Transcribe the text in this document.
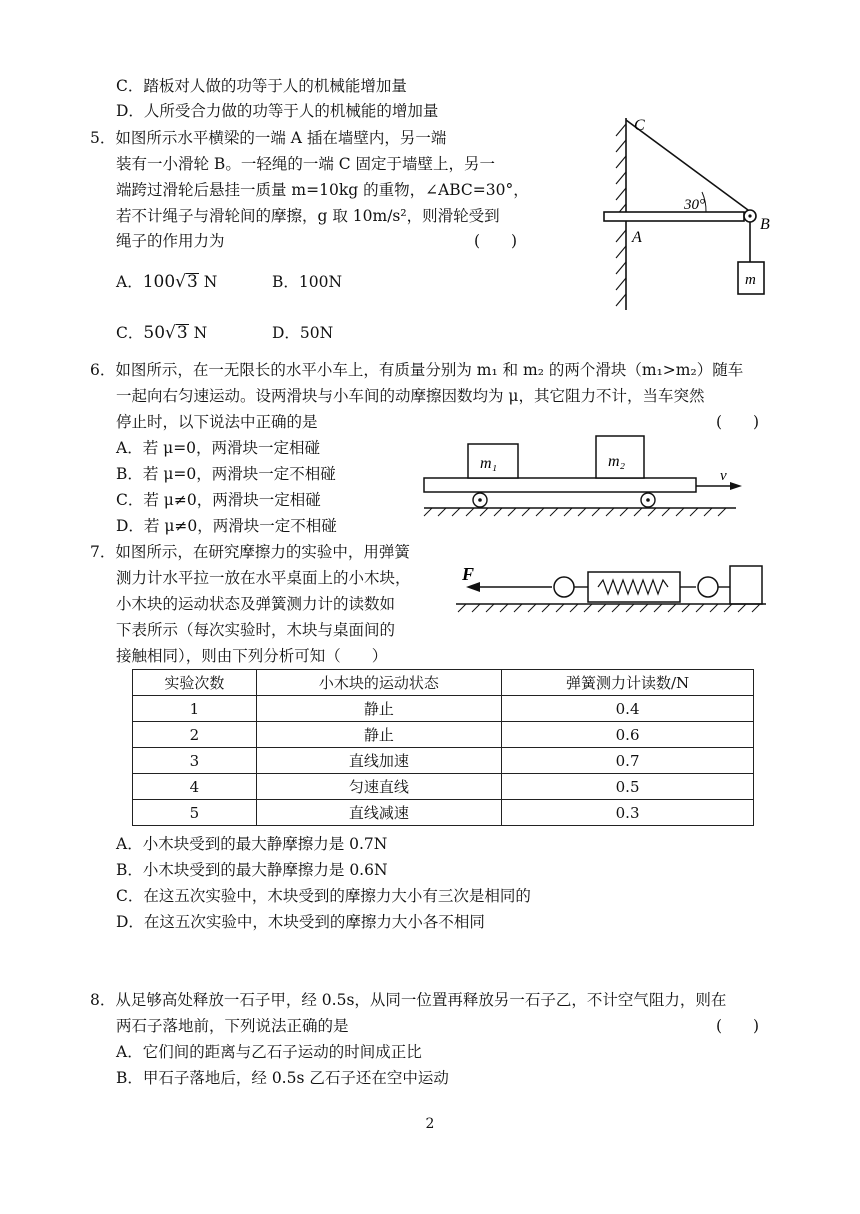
C．踏板对人做的功等于人的机械能增加量
D．人所受合力做的功等于人的机械能的增加量
5．如图所示水平横梁的一端 A 插在墙壁内，另一端
装有一小滑轮 B。一轻绳的一端 C 固定于墙壁上，另一
端跨过滑轮后悬挂一质量 m=10kg 的重物，∠ABC=30°，
若不计绳子与滑轮间的摩擦，g 取 10m/s²，则滑轮受到
绳子的作用力为	(　　)
A．100√3 N	B．100N
C．50√3 N	D．50N
C
30°
B
A
m
6．如图所示，在一无限长的水平小车上，有质量分别为 m₁ 和 m₂ 的两个滑块（m₁>m₂）随车
一起向右匀速运动。设两滑块与小车间的动摩擦因数均为 μ，其它阻力不计，当车突然
停止时，以下说法中正确的是	(　　)
A．若 μ=0，两滑块一定相碰
B．若 μ=0，两滑块一定不相碰
C．若 μ≠0，两滑块一定相碰
D．若 μ≠0，两滑块一定不相碰
m₁	m₂
v
7．如图所示，在研究摩擦力的实验中，用弹簧
测力计水平拉一放在水平桌面上的小木块，
小木块的运动状态及弹簧测力计的读数如
下表所示（每次实验时，木块与桌面间的
接触相同），则由下列分析可知（　　）
F
实验次数	小木块的运动状态	弹簧测力计读数/N
1	静止	0.4
2	静止	0.6
3	直线加速	0.7
4	匀速直线	0.5
5	直线减速	0.3
A．小木块受到的最大静摩擦力是 0.7N
B．小木块受到的最大静摩擦力是 0.6N
C．在这五次实验中，木块受到的摩擦力大小有三次是相同的
D．在这五次实验中，木块受到的摩擦力大小各不相同
8．从足够高处释放一石子甲，经 0.5s，从同一位置再释放另一石子乙，不计空气阻力，则在
两石子落地前，下列说法正确的是	(　　)
A．它们间的距离与乙石子运动的时间成正比
B．甲石子落地后，经 0.5s 乙石子还在空中运动
2
